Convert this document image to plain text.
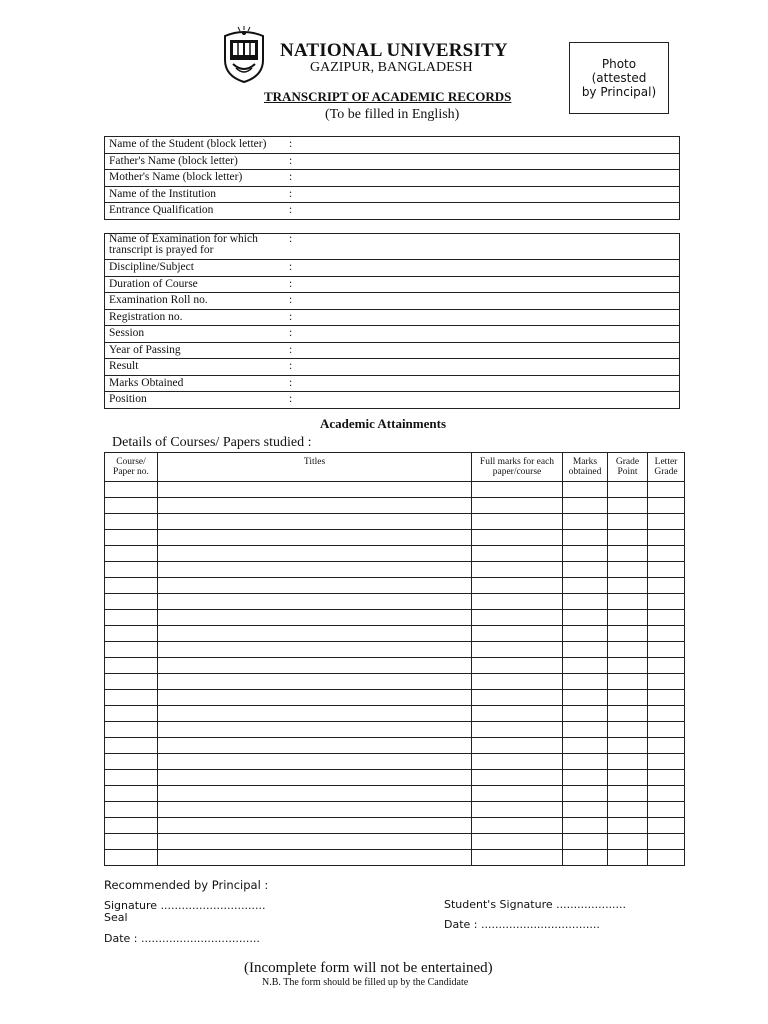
NATIONAL UNIVERSITY
GAZIPUR, BANGLADESH
TRANSCRIPT OF ACADEMIC RECORDS
(To be filled in English)
Photo
(attested
by Principal)
Name of the Student (block letter)	:
Father's Name (block letter)	:
Mother's Name (block letter)	:
Name of the Institution	:
Entrance Qualification	:
Name of Examination for which transcript is prayed for	:
Discipline/Subject	:
Duration of Course	:
Examination Roll no.	:
Registration no.	:
Session	:
Year of Passing	:
Result	:
Marks Obtained	:
Position	:
Academic Attainments
Details of Courses/ Papers studied :
Course/ Paper no.	Titles	Full marks for each paper/course	Marks obtained	Grade Point	Letter Grade

Recommended by Principal :
Signature ..............................
Seal
Date : ..................................
Student's Signature ....................
Date : ..................................
(Incomplete form will not be entertained)
N.B. The form should be filled up by the Candidate
